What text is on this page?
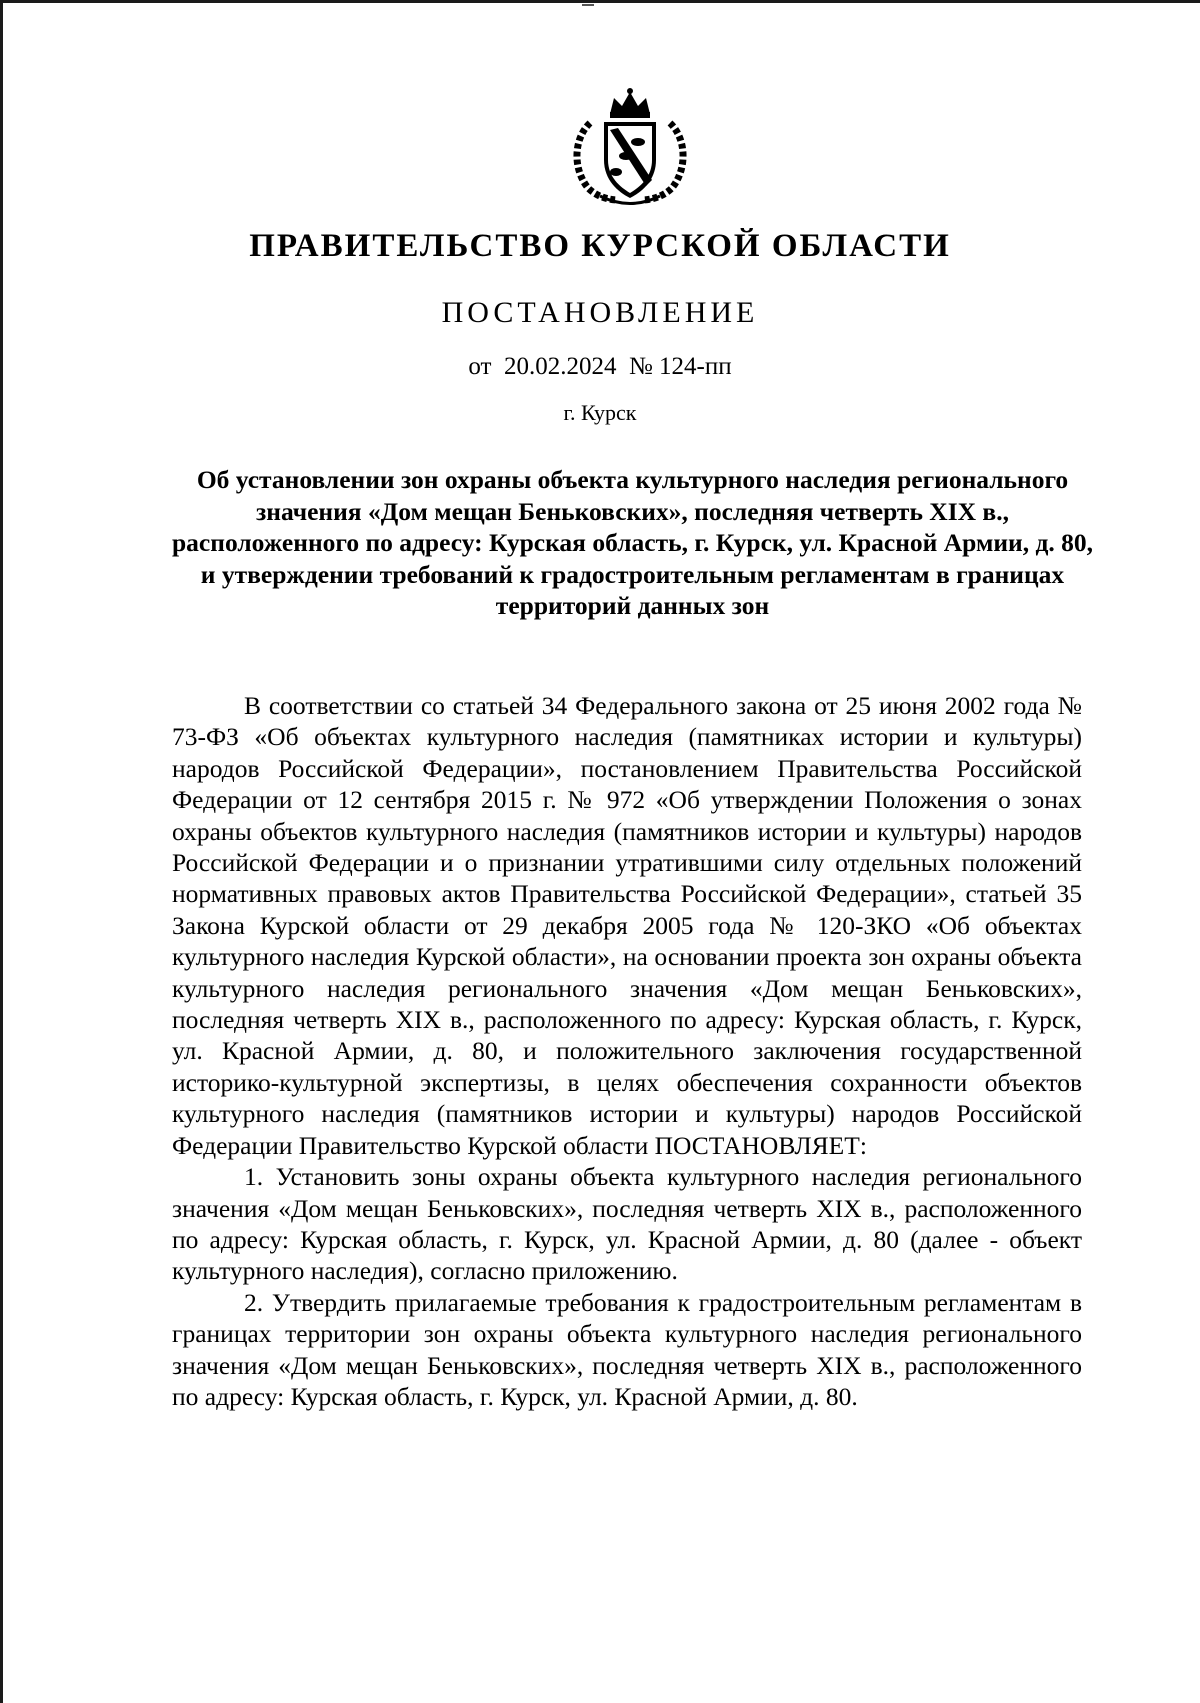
ПРАВИТЕЛЬСТВО КУРСКОЙ ОБЛАСТИ
ПОСТАНОВЛЕНИЕ
от  20.02.2024  № 124-пп
г. Курск
Об установлении зон охраны объекта культурного наследия регионального значения «Дом мещан Беньковских», последняя четверть XIX в., расположенного по адресу: Курская область, г. Курск, ул. Красной Армии, д. 80, и утверждении требований к градостроительным регламентам в границах территорий данных зон

В соответствии со статьей 34 Федерального закона от 25 июня 2002 года № 73-ФЗ «Об объектах культурного наследия (памятниках истории и культуры) народов Российской Федерации», постановлением Правительства Российской Федерации от 12 сентября 2015 г. № 972 «Об утверждении Положения о зонах охраны объектов культурного наследия (памятников истории и культуры) народов Российской Федерации и о признании утратившими силу отдельных положений нормативных правовых актов Правительства Российской Федерации», статьей 35 Закона Курской области от 29 декабря 2005 года № 120-ЗКО «Об объектах культурного наследия Курской области», на основании проекта зон охраны объекта культурного наследия регионального значения «Дом мещан Беньковских», последняя четверть XIX в., расположенного по адресу: Курская область, г. Курск, ул. Красной Армии, д. 80, и положительного заключения государственной историко-культурной экспертизы, в целях обеспечения сохранности объектов культурного наследия (памятников истории и культуры) народов Российской Федерации Правительство Курской области ПОСТАНОВЛЯЕТ:

1. Установить зоны охраны объекта культурного наследия регионального значения «Дом мещан Беньковских», последняя четверть XIX в., расположенного по адресу: Курская область, г. Курск, ул. Красной Армии, д. 80 (далее - объект культурного наследия), согласно приложению.

2. Утвердить прилагаемые требования к градостроительным регламентам в границах территории зон охраны объекта культурного наследия регионального значения «Дом мещан Беньковских», последняя четверть XIX в., расположенного по адресу: Курская область, г. Курск, ул. Красной Армии, д. 80.
